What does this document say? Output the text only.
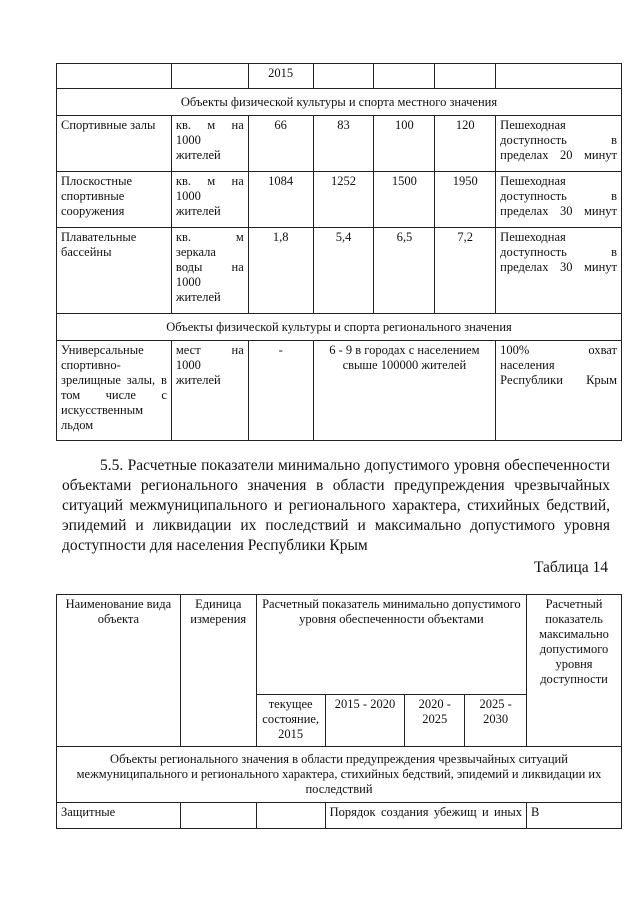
		2015				
Объекты физической культуры и спорта местного значения						
Спортивные залы	кв. м на 1000 жителей	66	83	100	120	Пешеходная доступность в пределах 20 минут
Плоскостные спортивные сооружения	кв. м на 1000 жителей	1084	1252	1500	1950	Пешеходная доступность в пределах 30 минут
Плавательные бассейны	кв. м зеркала воды на 1000 жителей	1,8	5,4	6,5	7,2	Пешеходная доступность в пределах 30 минут
Объекты физической культуры и спорта регионального значения						
Универсальные спортивно-зрелищные залы, в том числе с искусственным льдом	мест на 1000 жителей	-	6 - 9 в городах с населением свыше 100000 жителей			100% охват населения Республики Крым
5.5. Расчетные показатели минимально допустимого уровня обеспеченности объектами регионального значения в области предупреждения чрезвычайных ситуаций межмуниципального и регионального характера, стихийных бедствий, эпидемий и ликвидации их последствий и максимально допустимого уровня доступности для населения Республики Крым
Таблица 14
Наименование вида объекта	Единица измерения	Расчетный показатель минимально допустимого уровня обеспеченности объектами				Расчетный показатель максимально допустимого уровня доступности
		текущее состояние, 2015	2015 - 2020	2020 - 2025	2025 - 2030	
Объекты регионального значения в области предупреждения чрезвычайных ситуаций межмуниципального и регионального характера, стихийных бедствий, эпидемий и ликвидации их последствий						
Защитные			Порядок создания убежищ и иных			В
